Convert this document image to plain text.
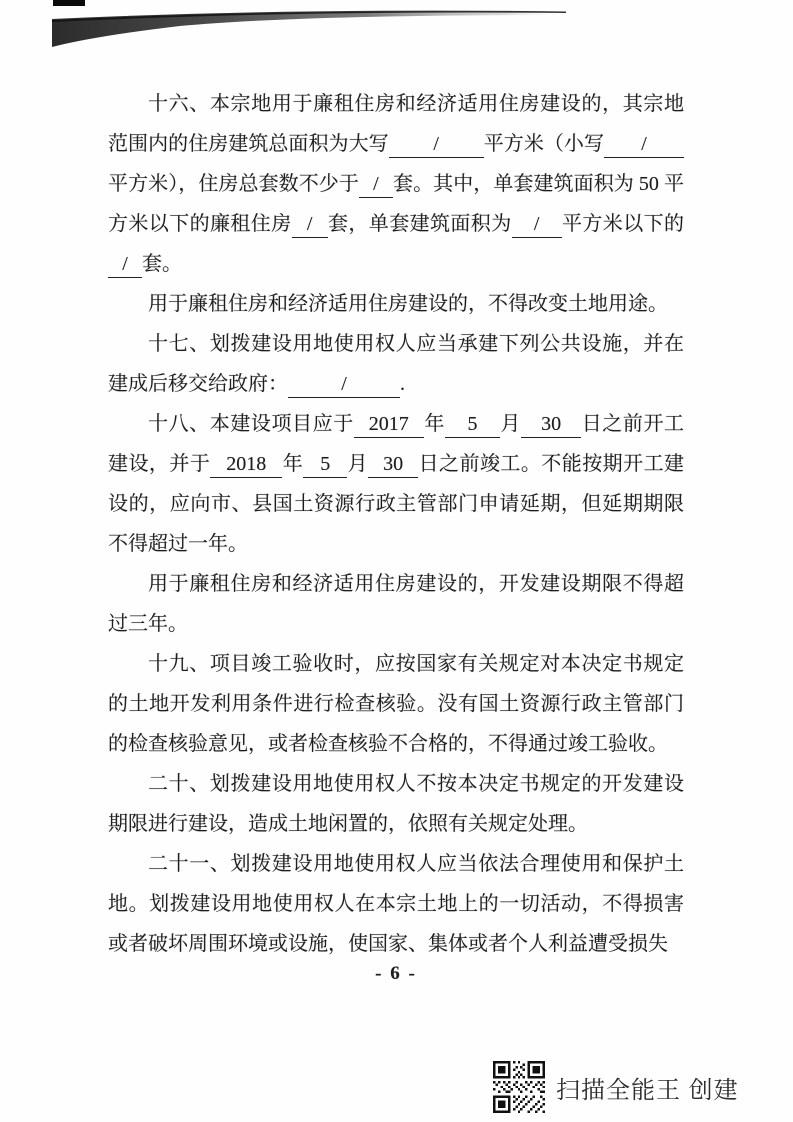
十六、本宗地用于廉租住房和经济适用住房建设的，其宗地范围内的住房建筑总面积为大写 / 平方米（小写 /平方米），住房总套数不少于 / 套。其中，单套建筑面积为 50 平方米以下的廉租住房 / 套，单套建筑面积为 / 平方米以下的/ 套。

用于廉租住房和经济适用住房建设的，不得改变土地用途。

十七、划拨建设用地使用权人应当承建下列公共设施，并在建成后移交给政府：	/	.

十八、本建设项目应于 2017 年 5 月 30 日之前开工建设，并于 2018 年 5 月 30 日之前竣工。不能按期开工建设的，应向市、县国土资源行政主管部门申请延期，但延期期限不得超过一年。

用于廉租住房和经济适用住房建设的，开发建设期限不得超过三年。

十九、项目竣工验收时，应按国家有关规定对本决定书规定的土地开发利用条件进行检查核验。没有国土资源行政主管部门的检查核验意见，或者检查核验不合格的，不得通过竣工验收。

二十、划拨建设用地使用权人不按本决定书规定的开发建设期限进行建设，造成土地闲置的，依照有关规定处理。

二十一、划拨建设用地使用权人应当依法合理使用和保护土地。划拨建设用地使用权人在本宗土地上的一切活动，不得损害或者破坏周围环境或设施，使国家、集体或者个人利益遭受损失

- 6 -
扫描全能王 创建
